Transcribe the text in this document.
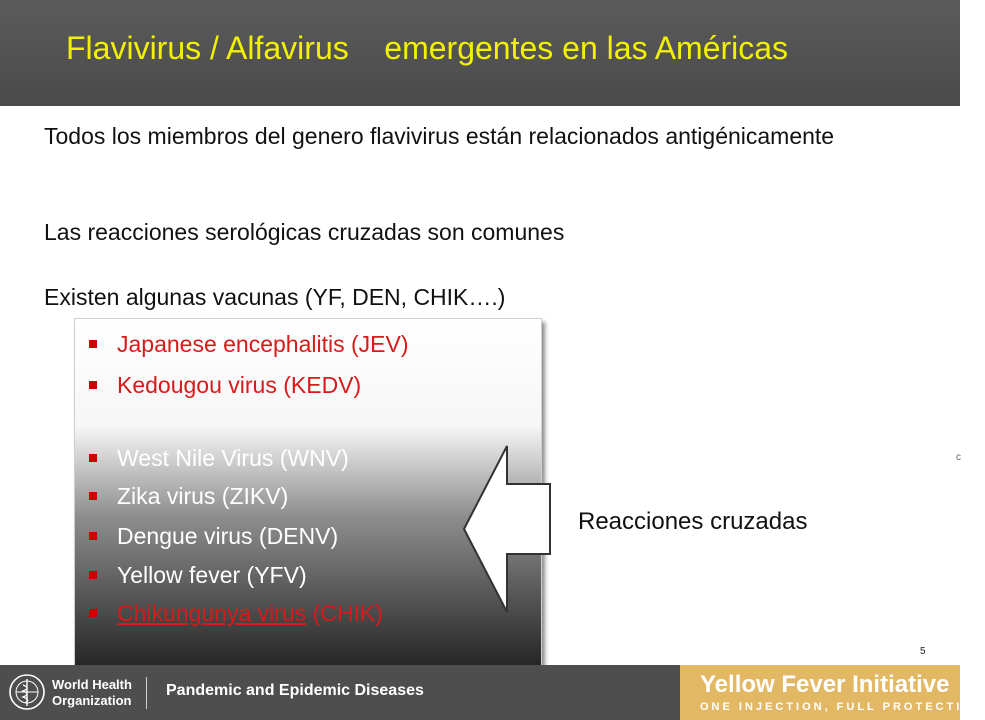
Flavivirus / Alfavirus    emergentes en las Américas

Todos los miembros del genero flavivirus están relacionados antigénicamente

Las reacciones serológicas cruzadas son comunes

Existen algunas vacunas (YF, DEN, CHIK….)

Japanese encephalitis (JEV)
Kedougou virus (KEDV)
West Nile Virus (WNV)
Zika virus (ZIKV)
Dengue virus (DENV)
Yellow fever (YFV)
Chikungunya virus (CHIK)

Reacciones cruzadas

c
5
World Health
Organization

Pandemic and Epidemic Diseases	Yellow Fever Initiative

ONE INJECTION, FULL PROTECTION
